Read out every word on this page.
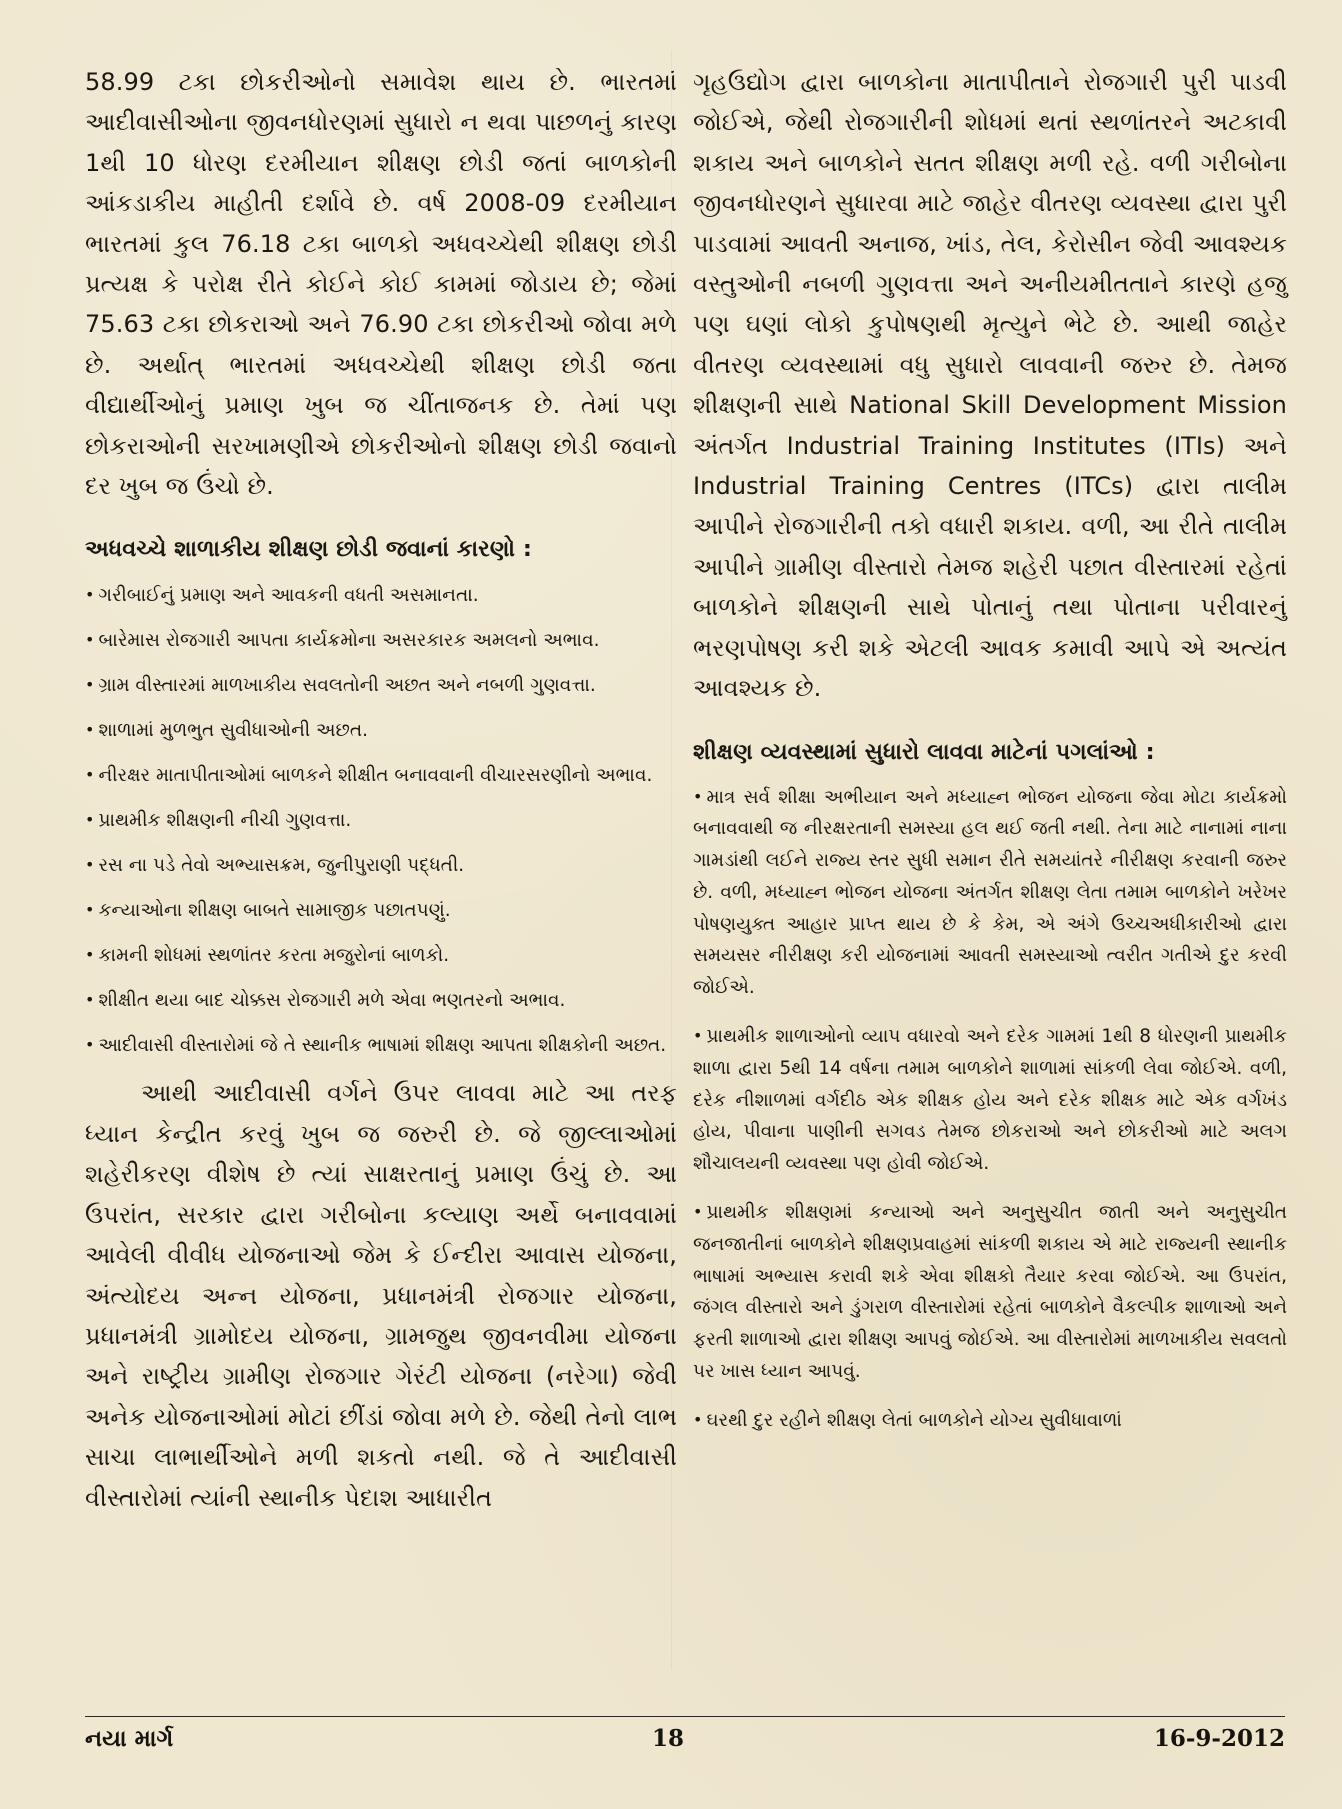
58.99 ટકા છોકરીઓનો સમાવેશ થાય છે. ભારતમાં આદીવાસીઓના જીવનધોરણમાં સુધારો ન થવા પાછળનું કારણ 1થી 10 ધોરણ દરમીયાન શીક્ષણ છોડી જતાં બાળકોની આંકડાકીય માહીતી દર્શાવે છે. વર્ષ 2008-09 દરમીયાન ભારતમાં કુલ 76.18 ટકા બાળકો અધવચ્ચેથી શીક્ષણ છોડી પ્રત્યક્ષ કે પરોક્ષ રીતે કોઈને કોઈ કામમાં જોડાય છે; જેમાં 75.63 ટકા છોકરાઓ અને 76.90 ટકા છોકરીઓ જોવા મળે છે. અર્થાત્ ભારતમાં અધવચ્ચેથી શીક્ષણ છોડી જતા વીદ્યાર્થીઓનું પ્રમાણ ખુબ જ ચીંતાજનક છે. તેમાં પણ છોકરાઓની સરખામણીએ છોકરીઓનો શીક્ષણ છોડી જવાનો દર ખુબ જ ઉંચો છે.

અધવચ્ચે શાળાકીય શીક્ષણ છોડી જવાનાં કારણો :
• ગરીબાઈનું પ્રમાણ અને આવકની વધતી અસમાનતા.
• બારેમાસ રોજગારી આપતા કાર્યક્રમોના અસરકારક અમલનો અભાવ.
• ગ્રામ વીસ્તારમાં માળખાકીય સવલતોની અછત અને નબળી ગુણવત્તા.
• શાળામાં મુળભુત સુવીધાઓની અછત.
• નીરક્ષર માતાપીતાઓમાં બાળકને શીક્ષીત બનાવવાની વીચારસરણીનો અભાવ.
• પ્રાથમીક શીક્ષણની નીચી ગુણવત્તા.
• રસ ના પડે તેવો અભ્યાસક્રમ, જુનીપુરાણી પદ્ધતી.
• કન્યાઓના શીક્ષણ બાબતે સામાજીક પછાતપણું.
• કામની શોધમાં સ્થળાંતર કરતા મજુરોનાં બાળકો.
• શીક્ષીત થયા બાદ ચોક્કસ રોજગારી મળે એવા ભણતરનો અભાવ.
• આદીવાસી વીસ્તારોમાં જે તે સ્થાનીક ભાષામાં શીક્ષણ આપતા શીક્ષકોની અછત.

આથી આદીવાસી વર્ગને ઉપર લાવવા માટે આ તરફ ધ્યાન કેન્દ્રીત કરવું ખુબ જ જરુરી છે. જે જીલ્લાઓમાં શહેરીકરણ વીશેષ છે ત્યાં સાક્ષરતાનું પ્રમાણ ઉંચું છે. આ ઉપરાંત, સરકાર દ્વારા ગરીબોના કલ્યાણ અર્થે બનાવવામાં આવેલી વીવીધ યોજનાઓ જેમ કે ઈન્દીરા આવાસ યોજના, અંત્યોદય અન્ન યોજના, પ્રધાનમંત્રી રોજગાર યોજના, પ્રધાનમંત્રી ગ્રામોદય યોજના, ગ્રામજુથ જીવનવીમા યોજના અને રાષ્ટ્રીય ગ્રામીણ રોજગાર ગેરંટી યોજના (નરેગા) જેવી અનેક યોજનાઓમાં મોટાં છીંડાં જોવા મળે છે. જેથી તેનો લાભ સાચા લાભાર્થીઓને મળી શકતો નથી. જે તે આદીવાસી વીસ્તારોમાં ત્યાંની સ્થાનીક પેદાશ આધારીત

ગૃહઉદ્યોગ દ્વારા બાળકોના માતાપીતાને રોજગારી પુરી પાડવી જોઈએ, જેથી રોજગારીની શોધમાં થતાં સ્થળાંતરને અટકાવી શકાય અને બાળકોને સતત શીક્ષણ મળી રહે. વળી ગરીબોના જીવનધોરણને સુધારવા માટે જાહેર વીતરણ વ્યવસ્થા દ્વારા પુરી પાડવામાં આવતી અનાજ, ખાંડ, તેલ, કેરોસીન જેવી આવશ્યક વસ્તુઓની નબળી ગુણવત્તા અને અનીયમીતતાને કારણે હજુ પણ ઘણાં લોકો કુપોષણથી મૃત્યુને ભેટે છે. આથી જાહેર વીતરણ વ્યવસ્થામાં વધુ સુધારો લાવવાની જરુર છે. તેમજ શીક્ષણની સાથે National Skill Development Mission અંતર્ગત Industrial Training Institutes (ITIs) અને Industrial Training Centres (ITCs) દ્વારા તાલીમ આપીને રોજગારીની તકો વધારી શકાય. વળી, આ રીતે તાલીમ આપીને ગ્રામીણ વીસ્તારો તેમજ શહેરી પછાત વીસ્તારમાં રહેતાં બાળકોને શીક્ષણની સાથે પોતાનું તથા પોતાના પરીવારનું ભરણપોષણ કરી શકે એટલી આવક કમાવી આપે એ અત્યંત આવશ્યક છે.

શીક્ષણ વ્યવસ્થામાં સુધારો લાવવા માટેનાં પગલાંઓ :
• માત્ર સર્વ શીક્ષા અભીયાન અને મધ્યાહ્ન ભોજન યોજના જેવા મોટા કાર્યક્રમો બનાવવાથી જ નીરક્ષરતાની સમસ્યા હલ થઈ જતી નથી. તેના માટે નાનામાં નાના ગામડાંથી લઈને રાજ્ય સ્તર સુધી સમાન રીતે સમયાંતરે નીરીક્ષણ કરવાની જરુર છે. વળી, મધ્યાહ્ન ભોજન યોજના અંતર્ગત શીક્ષણ લેતા તમામ બાળકોને ખરેખર પોષણયુક્ત આહાર પ્રાપ્ત થાય છે કે કેમ, એ અંગે ઉચ્ચઅધીકારીઓ દ્વારા સમયસર નીરીક્ષણ કરી યોજનામાં આવતી સમસ્યાઓ ત્વરીત ગતીએ દુર કરવી જોઈએ.
• પ્રાથમીક શાળાઓનો વ્યાપ વધારવો અને દરેક ગામમાં 1થી 8 ધોરણની પ્રાથમીક શાળા દ્વારા 5થી 14 વર્ષના તમામ બાળકોને શાળામાં સાંકળી લેવા જોઈએ. વળી, દરેક નીશાળમાં વર્ગદીઠ એક શીક્ષક હોય અને દરેક શીક્ષક માટે એક વર્ગખંડ હોય, પીવાના પાણીની સગવડ તેમજ છોકરાઓ અને છોકરીઓ માટે અલગ શૌચાલયની વ્યવસ્થા પણ હોવી જોઈએ.
• પ્રાથમીક શીક્ષણમાં કન્યાઓ અને અનુસુચીત જાતી અને અનુસુચીત જનજાતીનાં બાળકોને શીક્ષણપ્રવાહમાં સાંકળી શકાય એ માટે રાજ્યની સ્થાનીક ભાષામાં અભ્યાસ કરાવી શકે એવા શીક્ષકો તૈયાર કરવા જોઈએ. આ ઉપરાંત, જંગલ વીસ્તારો અને ડુંગરાળ વીસ્તારોમાં રહેતાં બાળકોને વૈકલ્પીક શાળાઓ અને ફરતી શાળાઓ દ્વારા શીક્ષણ આપવું જોઈએ. આ વીસ્તારોમાં માળખાકીય સવલતો પર ખાસ ધ્યાન આપવું.
• ઘરથી દુર રહીને શીક્ષણ લેતાં બાળકોને યોગ્ય સુવીધાવાળાં
નયા માર્ગ	18	16-9-2012
